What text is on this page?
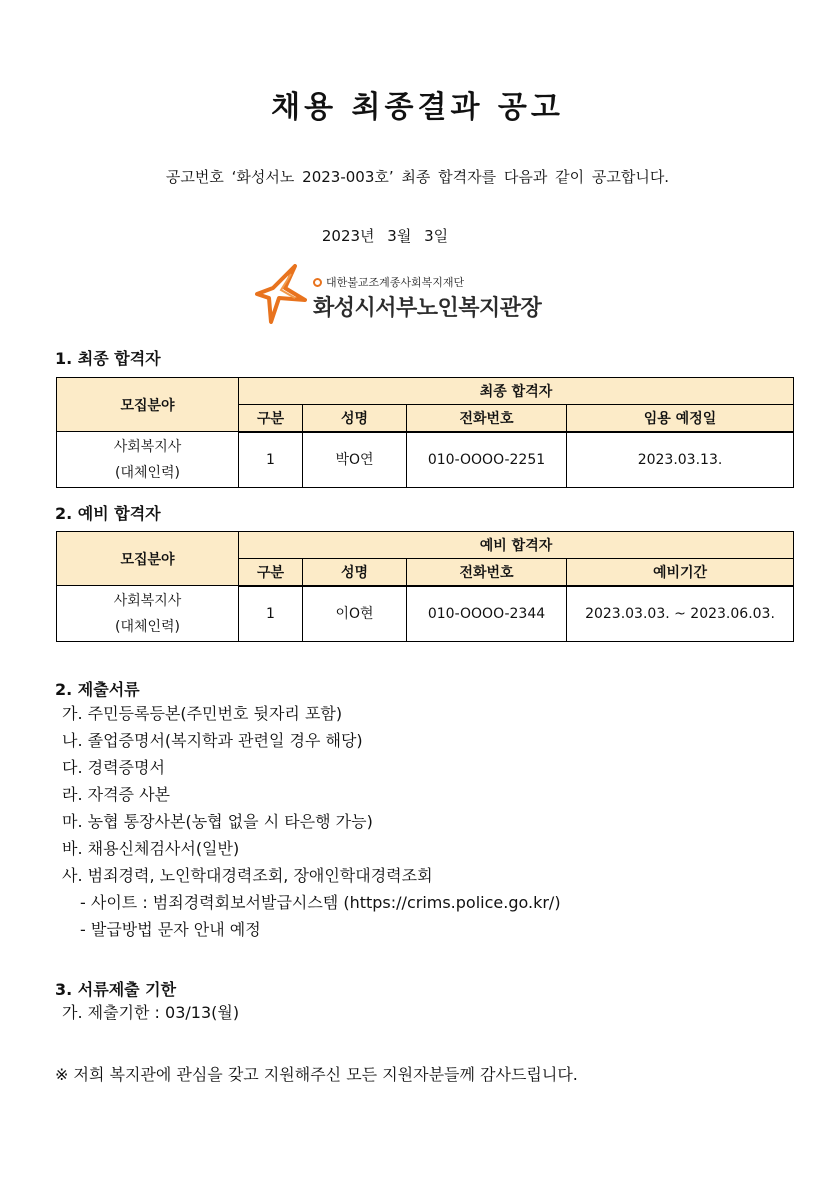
채용 최종결과 공고
공고번호 ‘화성서노 2023-003호’ 최종 합격자를 다음과 같이 공고합니다.
2023년 3월 3일
대한불교조계종사회복지재단
화성시서부노인복지관장
1. 최종 합격자
모집분야	최종 합격자			
	구분	성명	전화번호	임용 예정일
사회복지사
(대체인력)	1	박O연	010-OOOO-2251	2023.03.13.
2. 예비 합격자
모집분야	예비 합격자			
	구분	성명	전화번호	예비기간
사회복지사
(대체인력)	1	이O현	010-OOOO-2344	2023.03.03. ~ 2023.06.03.
2. 제출서류
가. 주민등록등본(주민번호 뒷자리 포함)
나. 졸업증명서(복지학과 관련일 경우 해당)
다. 경력증명서
라. 자격증 사본
마. 농협 통장사본(농협 없을 시 타은행 가능)
바. 채용신체검사서(일반)
사. 범죄경력, 노인학대경력조회, 장애인학대경력조회
- 사이트 : 범죄경력회보서발급시스템 (https://crims.police.go.kr/)
- 발급방법 문자 안내 예정
3. 서류제출 기한
가. 제출기한 : 03/13(월)
※ 저희 복지관에 관심을 갖고 지원해주신 모든 지원자분들께 감사드립니다.
